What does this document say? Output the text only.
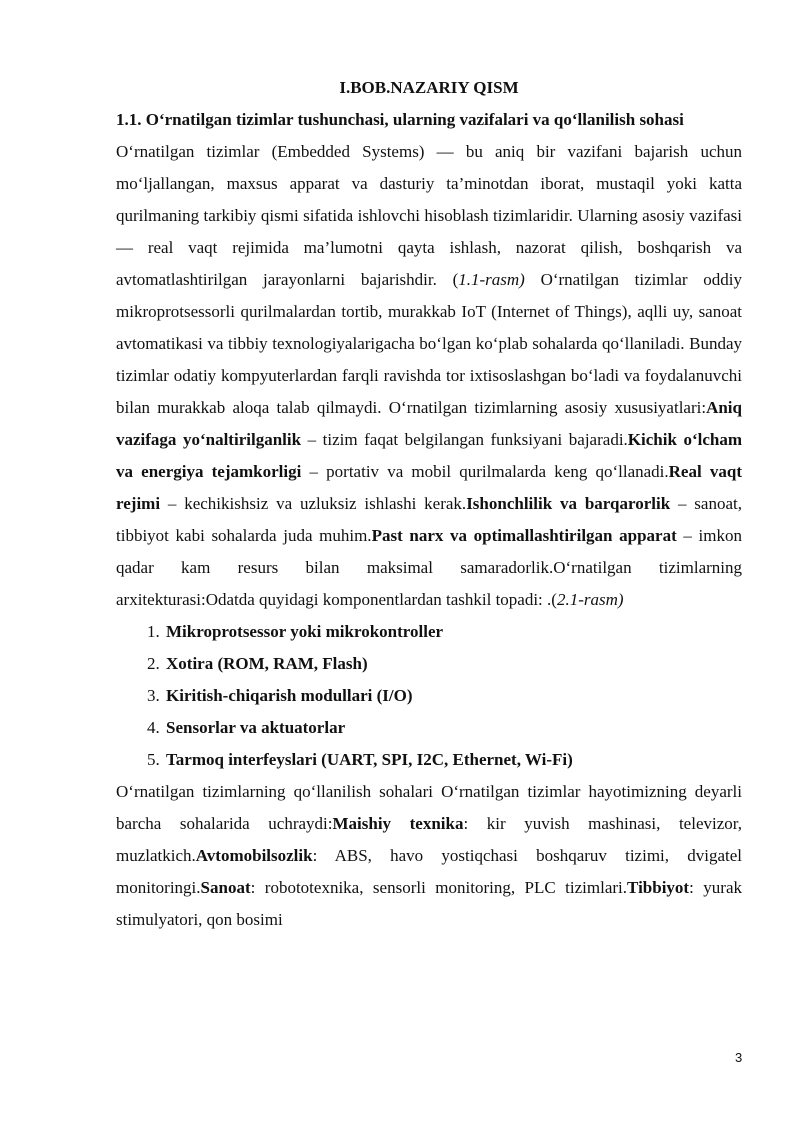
I.BOB.NAZARIY QISM

1.1. O‘rnatilgan tizimlar tushunchasi, ularning vazifalari va qo‘llanilish sohasi

O‘rnatilgan tizimlar (Embedded Systems) — bu aniq bir vazifani bajarish uchun mo‘ljallangan, maxsus apparat va dasturiy ta’minotdan iborat, mustaqil yoki katta qurilmaning tarkibiy qismi sifatida ishlovchi hisoblash tizimlaridir. Ularning asosiy vazifasi — real vaqt rejimida ma’lumotni qayta ishlash, nazorat qilish, boshqarish va avtomatlashtirilgan jarayonlarni bajarishdir. (1.1-rasm) O‘rnatilgan tizimlar oddiy mikroprotsessorli qurilmalardan tortib, murakkab IoT (Internet of Things), aqlli uy, sanoat avtomatikasi va tibbiy texnologiyalarigacha bo‘lgan ko‘plab sohalarda qo‘llaniladi. Bunday tizimlar odatiy kompyuterlardan farqli ravishda tor ixtisoslashgan bo‘ladi va foydalanuvchi bilan murakkab aloqa talab qilmaydi. O‘rnatilgan tizimlarning asosiy xususiyatlari:Aniq vazifaga yo‘naltirilganlik – tizim faqat belgilangan funksiyani bajaradi.Kichik o‘lcham va energiya tejamkorligi – portativ va mobil qurilmalarda keng qo‘llanadi.Real vaqt rejimi – kechikishsiz va uzluksiz ishlashi kerak.Ishonchlilik va barqarorlik – sanoat, tibbiyot kabi sohalarda juda muhim.Past narx va optimallashtirilgan apparat – imkon qadar kam resurs bilan maksimal samaradorlik.O‘rnatilgan tizimlarning arxitekturasi:Odatda quyidagi komponentlardan tashkil topadi: .(2.1-rasm)

1. Mikroprotsessor yoki mikrokontroller
2. Xotira (ROM, RAM, Flash)
3. Kiritish-chiqarish modullari (I/O)
4. Sensorlar va aktuatorlar
5. Tarmoq interfeyslari (UART, SPI, I2C, Ethernet, Wi-Fi)

O‘rnatilgan tizimlarning qo‘llanilish sohalari O‘rnatilgan tizimlar hayotimizning deyarli barcha sohalarida uchraydi:Maishiy texnika: kir yuvish mashinasi, televizor, muzlatkich.Avtomobilsozlik: ABS, havo yostiqchasi boshqaruv tizimi, dvigatel monitoringi.Sanoat: robototexnika, sensorli monitoring, PLC tizimlari.Tibbiyot: yurak stimulyatori, qon bosimi

3
